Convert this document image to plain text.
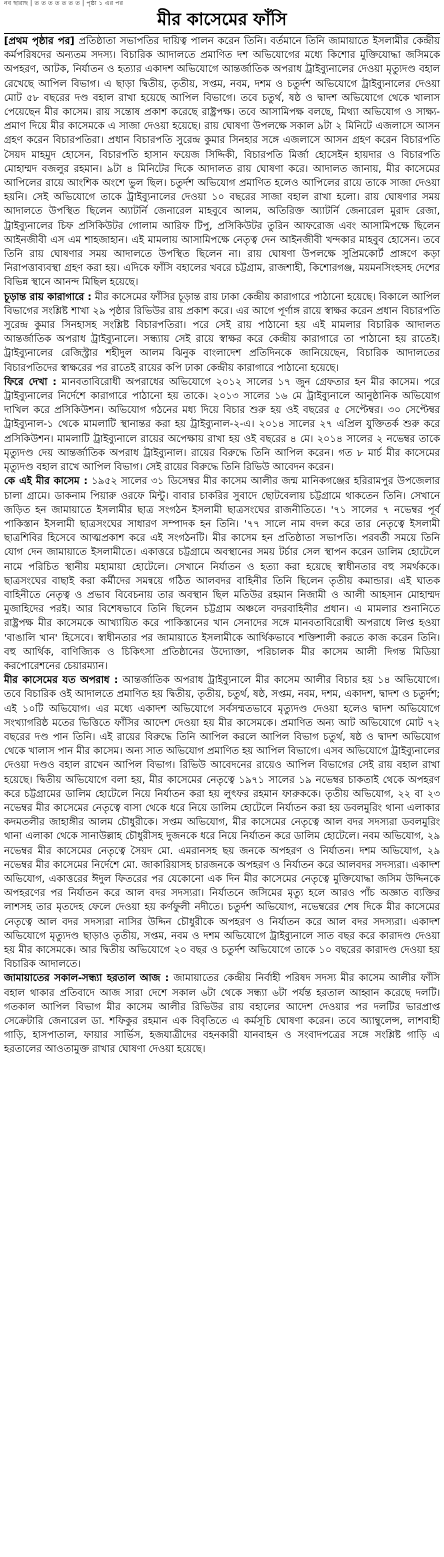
নব ছারাছ | ত ত ত ত ত ত ত | পৃষ্ঠা ১ এর পর
মীর কাসেমের ফাঁসি

[প্রথম পৃষ্ঠার পর] প্রতিষ্ঠাতা সভাপতির দায়িত্ব পালন করেন তিনি। বর্তমানে তিনি জামায়াতে ইসলামীর কেন্দ্রীয় কর্মপরিষদের অন্যতম সদস্য। বিচারিক আদালতে প্রমাণিত দশ অভিযোগের মধ্যে কিশোর মুক্তিযোদ্ধা জসিমকে অপহরণ, আটক, নির্যাতন ও হত্যার একাদশ অভিযোগে আন্তর্জাতিক অপরাধ ট্রাইব্যুনালের দেওয়া মৃত্যুদণ্ড বহাল রেখেছে আপিল বিভাগ। এ ছাড়া দ্বিতীয়, তৃতীয়, সপ্তম, নবম, দশম ও চতুর্দশ অভিযোগে ট্রাইব্যুনালের দেওয়া মোট ৫৮ বছরের দণ্ড বহাল রাখা হয়েছে আপিল বিভাগে। তবে চতুর্থ, ষষ্ঠ ও দ্বাদশ অভিযোগে থেকে খালাস পেয়েছেন মীর কাসেম। রায় সন্তোষ প্রকাশ করেছে রাষ্ট্রপক্ষ। তবে আসামিপক্ষ বলছে, মিথ্যা অভিযোগ ও সাক্ষ্য-প্রমাণ দিয়ে মীর কাসেমকে এ সাজা দেওয়া হয়েছে। রায় ঘোষণা উপলক্ষে সকাল ৯টা ২ মিনিটে এজলাসে আসন গ্রহণ করেন বিচারপতিরা। প্রধান বিচারপতি সুরেন্দ্র কুমার সিনহার সঙ্গে এজলাসে আসন গ্রহণ করেন বিচারপতি সৈয়দ মাহমুদ হোসেন, বিচারপতি হাসান ফয়েজ সিদ্দিকী, বিচারপতি মির্জা হোসেইন হায়দার ও বিচারপতি মোহাম্মদ বজলুর রহমান। ৯টা ৪ মিনিটের দিকে আদালত রায় ঘোষণা করে। আদালত জানায়, মীর কাসেমের আপিলের রায়ে আংশিক অংশে ভুল ছিল। চতুর্দশ অভিযোগ প্রমাণিত হলেও আপিলের রায়ে তাকে সাজা দেওয়া হয়নি। সেই অভিযোগে তাকে ট্রাইব্যুনালের দেওয়া ১০ বছরের সাজা বহাল রাখা হলো। রায় ঘোষণার সময় আদালতে উপস্থিত ছিলেন অ্যাটর্নি জেনারেল মাহবুবে আলম, অতিরিক্ত অ্যাটর্নি জেনারেল মুরাদ রেজা, ট্রাইব্যুনালের চিফ প্রসিকিউটর গোলাম আরিফ টিপু, প্রসিকিউটর তুরিন আফরোজ এবং আসামিপক্ষে ছিলেন আইনজীবী এস এম শাহজাহান। এই মামলায় আসামিপক্ষে নেতৃত্ব দেন আইনজীবী খন্দকার মাহবুব হোসেন। তবে তিনি রায় ঘোষণার সময় আদালতে উপস্থিত ছিলেন না। রায় ঘোষণা উপলক্ষে সুপ্রিমকোর্ট প্রাঙ্গণে কড়া নিরাপত্তাব্যবস্থা গ্রহণ করা হয়। এদিকে ফাঁসি বহালের খবরে চট্টগ্রাম, রাজশাহী, কিশোরগঞ্জ, ময়মনসিংহসহ দেশের বিভিন্ন স্থানে আনন্দ মিছিল হয়েছে।

চূড়ান্ত রায় কারাগারে : মীর কাসেমের ফাঁসির চূড়ান্ত রায় ঢাকা কেন্দ্রীয় কারাগারে পাঠানো হয়েছে। বিকালে আপিল বিভাগের সংশ্লিষ্ট শাখা ২৯ পৃষ্ঠার রিভিউর রায় প্রকাশ করে। এর আগে পূর্ণাঙ্গ রায়ে স্বাক্ষর করেন প্রধান বিচারপতি সুরেন্দ্র কুমার সিনহাসহ সংশ্লিষ্ট বিচারপতিরা। পরে সেই রায় পাঠানো হয় এই মামলার বিচারিক আদালত আন্তর্জাতিক অপরাধ ট্রাইব্যুনালে। সন্ধ্যায় সেই রায়ে স্বাক্ষর করে কেন্দ্রীয় কারাগারে তা পাঠানো হয় রাতেই। ট্রাইব্যুনালের রেজিস্ট্রার শহীদুল আলম ঝিনুক বাংলাদেশ প্রতিদিনকে জানিয়েছেন, বিচারিক আদালতের বিচারপতিদের স্বাক্ষরের পর রাতেই রায়ের কপি ঢাকা কেন্দ্রীয় কারাগারে পাঠানো হয়েছে।

ফিরে দেখা : মানবতাবিরোধী অপরাধের অভিযোগে ২০১২ সালের ১৭ জুন গ্রেফতার হন মীর কাসেম। পরে ট্রাইব্যুনালের নির্দেশে কারাগারে পাঠানো হয় তাকে। ২০১৩ সালের ১৬ মে ট্রাইব্যুনালে আনুষ্ঠানিক অভিযোগ দাখিল করে প্রসিকিউশন। অভিযোগ গঠনের মধ্য দিয়ে বিচার শুরু হয় ওই বছরের ৫ সেপ্টেম্বর। ৩০ সেপ্টেম্বর ট্রাইব্যুনাল-১ থেকে মামলাটি স্থানান্তর করা হয় ট্রাইব্যুনাল-২-এ। ২০১৪ সালের ২৭ এপ্রিল যুক্তিতর্ক শুরু করে প্রসিকিউশন। মামলাটি ট্রাইব্যুনালে রায়ের অপেক্ষায় রাখা হয় ওই বছরের ৪ মে। ২০১৪ সালের ২ নভেম্বর তাকে মৃত্যুদণ্ড দেয় আন্তর্জাতিক অপরাধ ট্রাইব্যুনাল। রায়ের বিরুদ্ধে তিনি আপিল করেন। গত ৮ মার্চ মীর কাসেমের মৃত্যুদণ্ড বহাল রাখে আপিল বিভাগ। সেই রায়ের বিরুদ্ধে তিনি রিভিউ আবেদন করেন।

কে এই মীর কাসেম : ১৯৫২ সালের ৩১ ডিসেম্বর মীর কাসেম আলীর জন্ম মানিকগঞ্জের হরিরামপুর উপজেলার চালা গ্রামে। ডাকনাম পিয়ারু ওরফে মিন্টু। বাবার চাকরির সুবাদে ছোটবেলায় চট্টগ্রামে থাকতেন তিনি। সেখানে জড়িত হন জামায়াতে ইসলামীর ছাত্র সংগঠন ইসলামী ছাত্রসংঘের রাজনীতিতে। '৭১ সালের ৭ নভেম্বর পূর্ব পাকিস্তান ইসলামী ছাত্রসংঘের সাধারণ সম্পাদক হন তিনি। '৭৭ সালে নাম বদল করে তার নেতৃত্বে ইসলামী ছাত্রশিবির হিসেবে আত্মপ্রকাশ করে এই সংগঠনটি। মীর কাসেম হন প্রতিষ্ঠাতা সভাপতি। পরবর্তী সময়ে তিনি যোগ দেন জামায়াতে ইসলামীতে। একাত্তরে চট্টগ্রামে অবস্থানের সময় টর্চার সেল স্থাপন করেন ডালিম হোটেলে নামে পরিচিত স্থানীয় মহামায়া হোটেলে। সেখানে নির্যাতন ও হত্যা করা হয়েছে স্বাধীনতার বহু সমর্থককে। ছাত্রসংঘের বাছাই করা কর্মীদের সমন্বয়ে গঠিত আলবদর বাহিনীর তিনি ছিলেন তৃতীয় কমান্ডার। এই ঘাতক বাহিনীতে নেতৃত্ব ও প্রভাব বিবেচনায় তার অবস্থান ছিল মতিউর রহমান নিজামী ও আলী আহসান মোহাম্মদ মুজাহিদের পরই। আর বিশেষভাবে তিনি ছিলেন চট্টগ্রাম অঞ্চলে বদরবাহিনীর প্রধান। এ মামলার শুনানিতে রাষ্ট্রপক্ষ মীর কাসেমকে আখ্যায়িত করে পাকিস্তানের খান সেনাদের সঙ্গে মানবতাবিরোধী অপরাধে লিপ্ত হওয়া 'বাঙালি খান' হিসেবে। স্বাধীনতার পর জামায়াতে ইসলামীকে আর্থিকভাবে শক্তিশালী করতে কাজ করেন তিনি। বহু আর্থিক, বাণিজ্যিক ও চিকিৎসা প্রতিষ্ঠানের উদ্যোক্তা, পরিচালক মীর কাসেম আলী দিগন্ত মিডিয়া করপোরেশনের চেয়ারম্যান।

মীর কাসেমের যত অপরাধ : আন্তর্জাতিক অপরাধ ট্রাইব্যুনালে মীর কাসেম আলীর বিচার হয় ১৪ অভিযোগে। তবে বিচারিক ওই আদালতে প্রমাণিত হয় দ্বিতীয়, তৃতীয়, চতুর্থ, ষষ্ঠ, সপ্তম, নবম, দশম, একাদশ, দ্বাদশ ও চতুর্দশ; এই ১০টি অভিযোগ। এর মধ্যে একাদশ অভিযোগে সর্বসম্মতভাবে মৃত্যুদণ্ড দেওয়া হলেও দ্বাদশ অভিযোগে সংখ্যাগরিষ্ঠ মতের ভিত্তিতে ফাঁসির আদেশ দেওয়া হয় মীর কাসেমকে। প্রমাণিত অন্য আট অভিযোগে মোট ৭২ বছরের দণ্ড পান তিনি। এই রায়ের বিরুদ্ধে তিনি আপিল করলে আপিল বিভাগ চতুর্থ, ষষ্ঠ ও দ্বাদশ অভিযোগ থেকে খালাস পান মীর কাসেম। অন্য সাত অভিযোগ প্রমাণিত হয় আপিল বিভাগে। এসব অভিযোগে ট্রাইব্যুনালের দেওয়া দণ্ডও বহাল রাখেন আপিল বিভাগ। রিভিউ আবেদনের রায়েও আপিল বিভাগের সেই রায় বহাল রাখা হয়েছে। দ্বিতীয় অভিযোগে বলা হয়, মীর কাসেমের নেতৃত্বে ১৯৭১ সালের ১৯ নভেম্বর চাকতাই থেকে অপহরণ করে চট্টগ্রামের ডালিম হোটেলে নিয়ে নির্যাতন করা হয় লুৎফর রহমান ফারুককে। তৃতীয় অভিযোগ, ২২ বা ২৩ নভেম্বর মীর কাসেমের নেতৃত্বে বাসা থেকে ধরে নিয়ে ডালিম হোটেলে নির্যাতন করা হয় ডবলমুরিং থানা এলাকার কদমতলীর জাহাঙ্গীর আলম চৌধুরীকে। সপ্তম অভিযোগ, মীর কাসেমের নেতৃত্বে আল বদর সদস্যরা ডবলমুরিং থানা এলাকা থেকে সানাউল্লাহ চৌধুরীসহ দুজনকে ধরে নিয়ে নির্যাতন করে ডালিম হোটেলে। নবম অভিযোগ, ২৯ নভেম্বর মীর কাসেমের নেতৃত্বে সৈয়দ মো. এমরানসহ ছয় জনকে অপহরণ ও নির্যাতন। দশম অভিযোগ, ২৯ নভেম্বর মীর কাসেমের নির্দেশে মো. জাকারিয়াসহ চারজনকে অপহরণ ও নির্যাতন করে আলবদর সদস্যরা। একাদশ অভিযোগ, একাত্তরের ঈদুল ফিতরের পর যেকোনো এক দিন মীর কাসেমের নেতৃত্বে মুক্তিযোদ্ধা জসিম উদ্দিনকে অপহরণের পর নির্যাতন করে আল বদর সদস্যরা। নির্যাতনে জসিমের মৃত্যু হলে আরও পাঁচ অজ্ঞাত ব্যক্তির লাশসহ তার মৃতদেহ ফেলে দেওয়া হয় কর্ণফুলী নদীতে। চতুর্দশ অভিযোগ, নভেম্বরের শেষ দিকে মীর কাসেমের নেতৃত্বে আল বদর সদস্যরা নাসির উদ্দিন চৌধুরীকে অপহরণ ও নির্যাতন করে আল বদর সদস্যরা। একাদশ অভিযোগে মৃত্যুদণ্ড ছাড়াও তৃতীয়, সপ্তম, নবম ও দশম অভিযোগে ট্রাইব্যুনালে সাত বছর করে কারাদণ্ড দেওয়া হয় মীর কাসেমকে। আর দ্বিতীয় অভিযোগে ২০ বছর ও চতুর্দশ অভিযোগে তাকে ১০ বছরের কারাদণ্ড দেওয়া হয় বিচারিক আদালতে।

জামায়াতের সকাল-সন্ধ্যা হরতাল আজ : জামায়াতের কেন্দ্রীয় নির্বাহী পরিষদ সদস্য মীর কাসেম আলীর ফাঁসি বহাল থাকার প্রতিবাদে আজ সারা দেশে সকাল ৬টা থেকে সন্ধ্যা ৬টা পর্যন্ত হরতাল আহ্বান করেছে দলটি। গতকাল আপিল বিভাগ মীর কাসেম আলীর রিভিউর রায় বহালের আদেশ দেওয়ার পর দলটির ভারপ্রাপ্ত সেক্রেটারি জেনারেল ডা. শফিকুর রহমান এক বিবৃতিতে এ কর্মসূচি ঘোষণা করেন। তবে অ্যাম্বুলেন্স, লাশবাহী গাড়ি, হাসপাতাল, ফায়ার সার্ভিস, হজযাত্রীদের বহনকারী যানবাহন ও সংবাদপত্রের সঙ্গে সংশ্লিষ্ট গাড়ি এ হরতালের আওতামুক্ত রাখার ঘোষণা দেওয়া হয়েছে।
